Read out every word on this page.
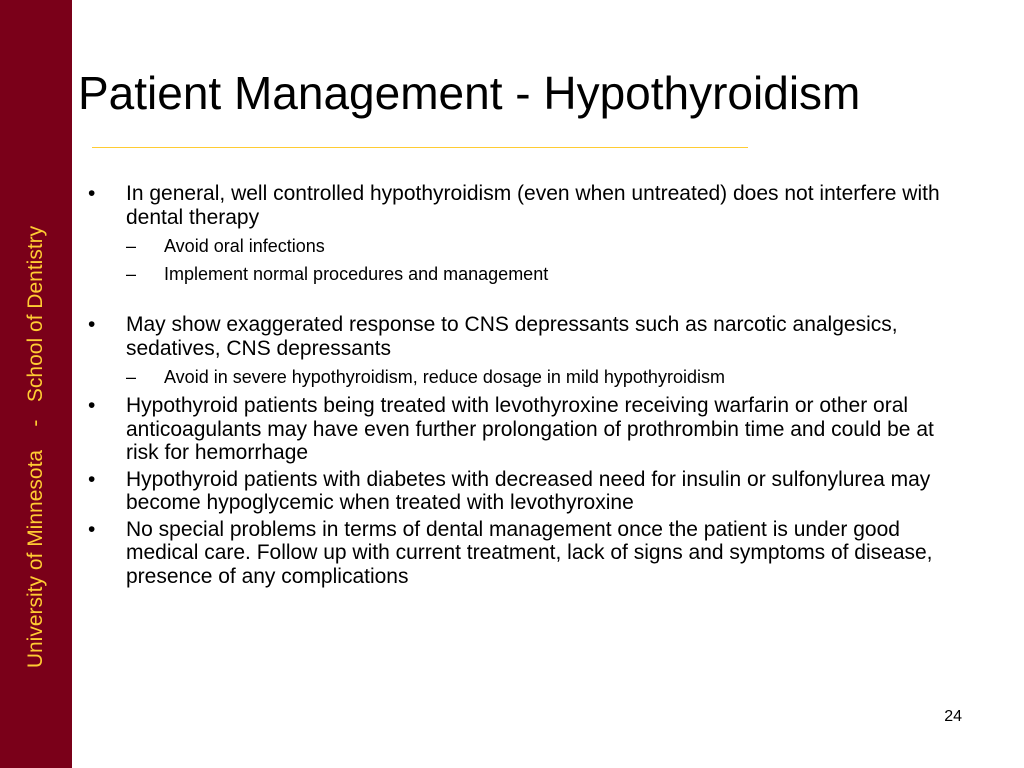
University of Minnesota    -   School of Dentistry
Patient Management - Hypothyroidism
• In general, well controlled hypothyroidism (even when untreated) does not interfere with dental therapy
– Avoid oral infections
– Implement normal procedures and management
• May show exaggerated response to CNS depressants such as narcotic analgesics, sedatives, CNS depressants
– Avoid in severe hypothyroidism, reduce dosage in mild hypothyroidism
• Hypothyroid patients being treated with levothyroxine receiving warfarin or other oral anticoagulants may have even further prolongation of prothrombin time and could be at risk for hemorrhage
• Hypothyroid patients with diabetes with decreased need for insulin or sulfonylurea may become hypoglycemic when treated with levothyroxine
• No special problems in terms of dental management once the patient is under good medical care. Follow up with current treatment, lack of signs and symptoms of disease, presence of any complications
24
